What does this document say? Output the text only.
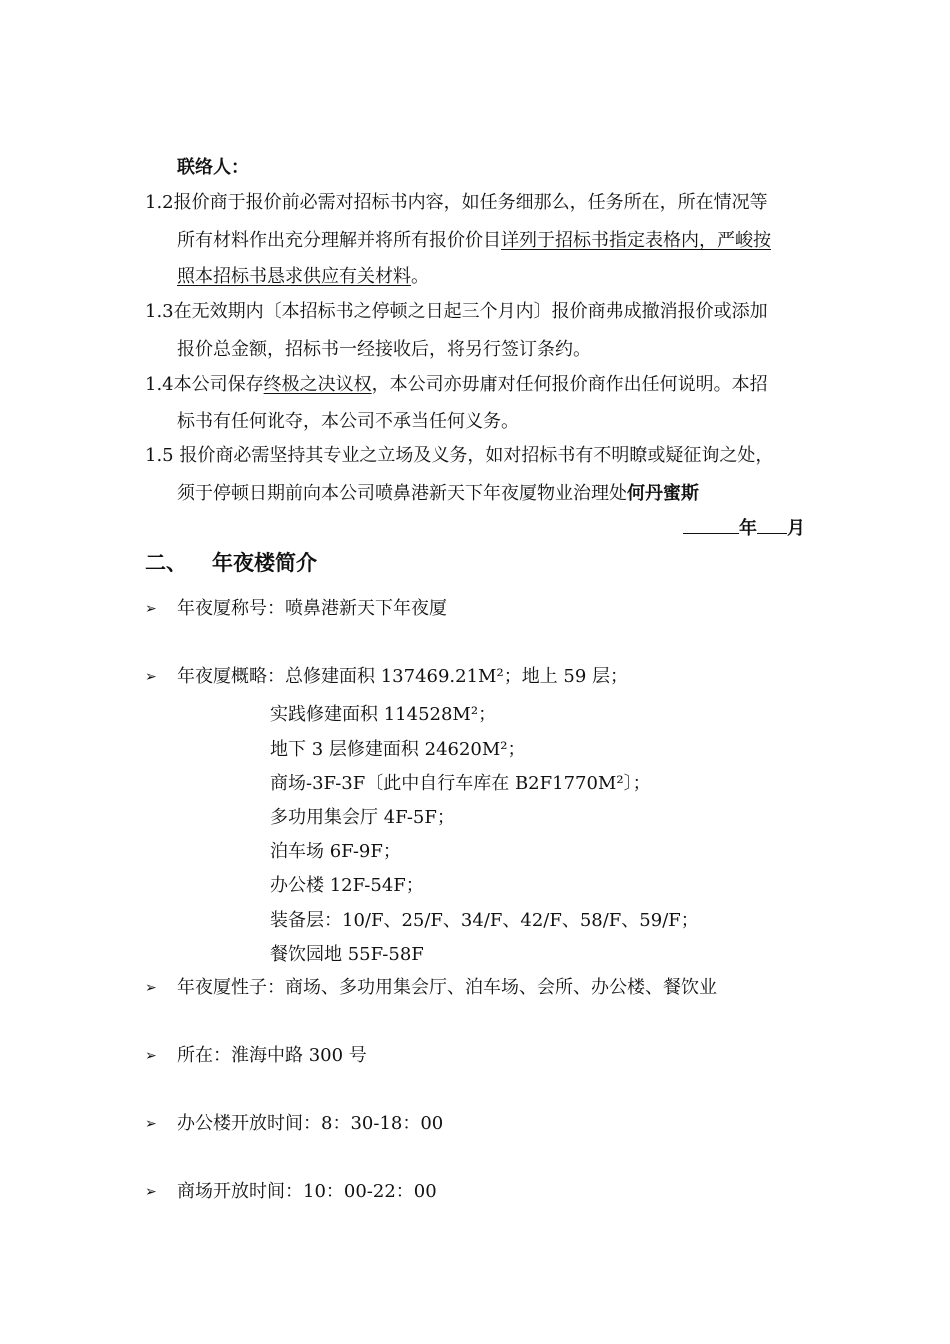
联络人：
1.2报价商于报价前必需对招标书内容，如任务细那么，任务所在，所在情况等
所有材料作出充分理解并将所有报价价目详列于招标书指定表格内，严峻按
照本招标书恳求供应有关材料。
1.3在无效期内〔本招标书之停顿之日起三个月内〕报价商弗成撤消报价或添加
报价总金额，招标书一经接收后，将另行签订条约。
1.4本公司保存终极之决议权，本公司亦毋庸对任何报价商作出任何说明。本招
标书有任何讹夺，本公司不承当任何义务。
1.5 报价商必需坚持其专业之立场及义务，如对招标书有不明瞭或疑征询之处，
须于停顿日期前向本公司喷鼻港新天下年夜厦物业治理处何丹蜜斯
年 月
二、 年夜楼简介
➢ 年夜厦称号：喷鼻港新天下年夜厦
➢ 年夜厦概略：总修建面积 137469.21M²；地上 59 层；
实践修建面积 114528M²；
地下 3 层修建面积 24620M²；
商场-3F-3F〔此中自行车库在 B2F1770M²〕；
多功用集会厅 4F-5F；
泊车场 6F-9F；
办公楼 12F-54F；
装备层：10/F、25/F、34/F、42/F、58/F、59/F；
餐饮园地 55F-58F
➢ 年夜厦性子：商场、多功用集会厅、泊车场、会所、办公楼、餐饮业
➢ 所在：淮海中路 300 号
➢ 办公楼开放时间：8：30-18：00
➢ 商场开放时间：10：00-22：00
